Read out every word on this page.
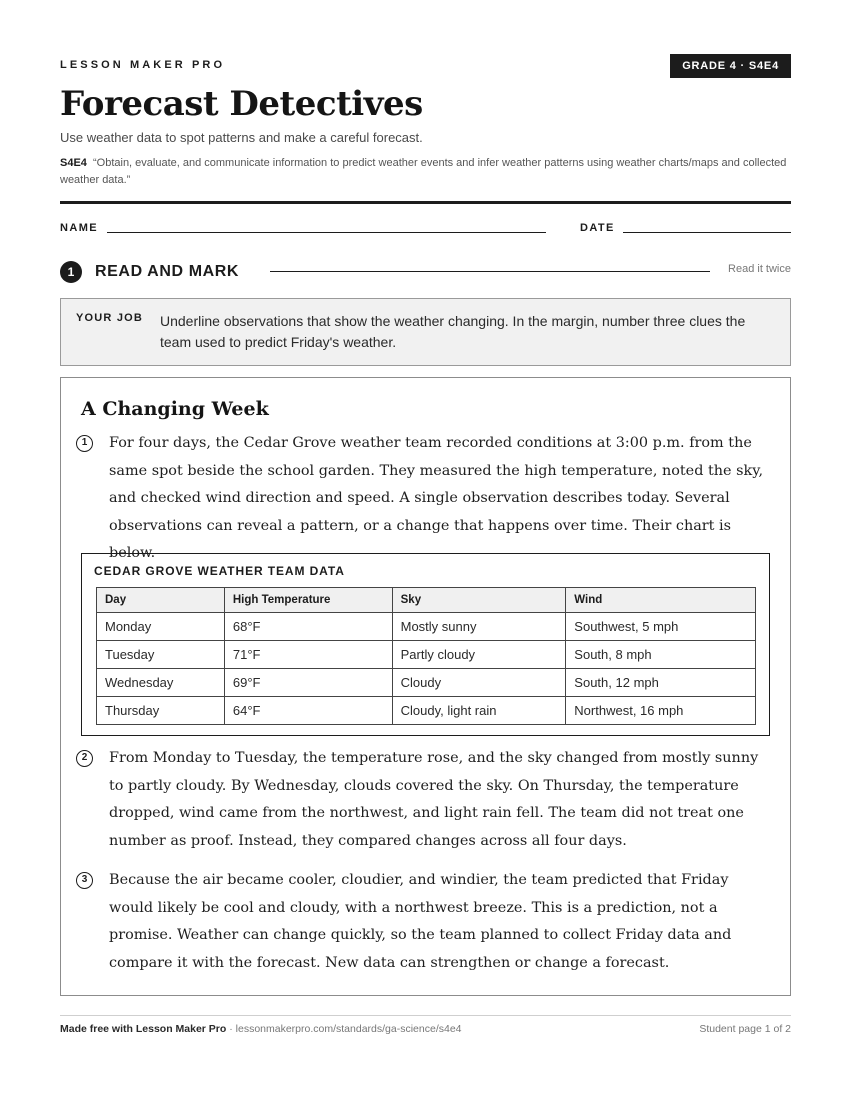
LESSON MAKER PRO	GRADE 4 · S4E4
Forecast Detectives
Use weather data to spot patterns and make a careful forecast.
S4E4 “Obtain, evaluate, and communicate information to predict weather events and infer weather patterns using weather charts/maps and collected weather data.”
NAME	DATE
1	READ AND MARK	Read it twice
YOUR JOB Underline observations that show the weather changing. In the margin, number three clues the team used to predict Friday's weather.
A Changing Week
1	For four days, the Cedar Grove weather team recorded conditions at 3:00 p.m. from the same spot beside the school garden. They measured the high temperature, noted the sky, and checked wind direction and speed. A single observation describes today. Several observations can reveal a pattern, or a change that happens over time. Their chart is below.
CEDAR GROVE WEATHER TEAM DATA
Day	High Temperature	Sky	Wind
Monday	68°F	Mostly sunny	Southwest, 5 mph
Tuesday	71°F	Partly cloudy	South, 8 mph
Wednesday	69°F	Cloudy	South, 12 mph
Thursday	64°F	Cloudy, light rain	Northwest, 16 mph
2	From Monday to Tuesday, the temperature rose, and the sky changed from mostly sunny to partly cloudy. By Wednesday, clouds covered the sky. On Thursday, the temperature dropped, wind came from the northwest, and light rain fell. The team did not treat one number as proof. Instead, they compared changes across all four days.
3	Because the air became cooler, cloudier, and windier, the team predicted that Friday would likely be cool and cloudy, with a northwest breeze. This is a prediction, not a promise. Weather can change quickly, so the team planned to collect Friday data and compare it with the forecast. New data can strengthen or change a forecast.
Made free with Lesson Maker Pro · lessonmakerpro.com/standards/ga-science/s4e4	Student page 1 of 2
